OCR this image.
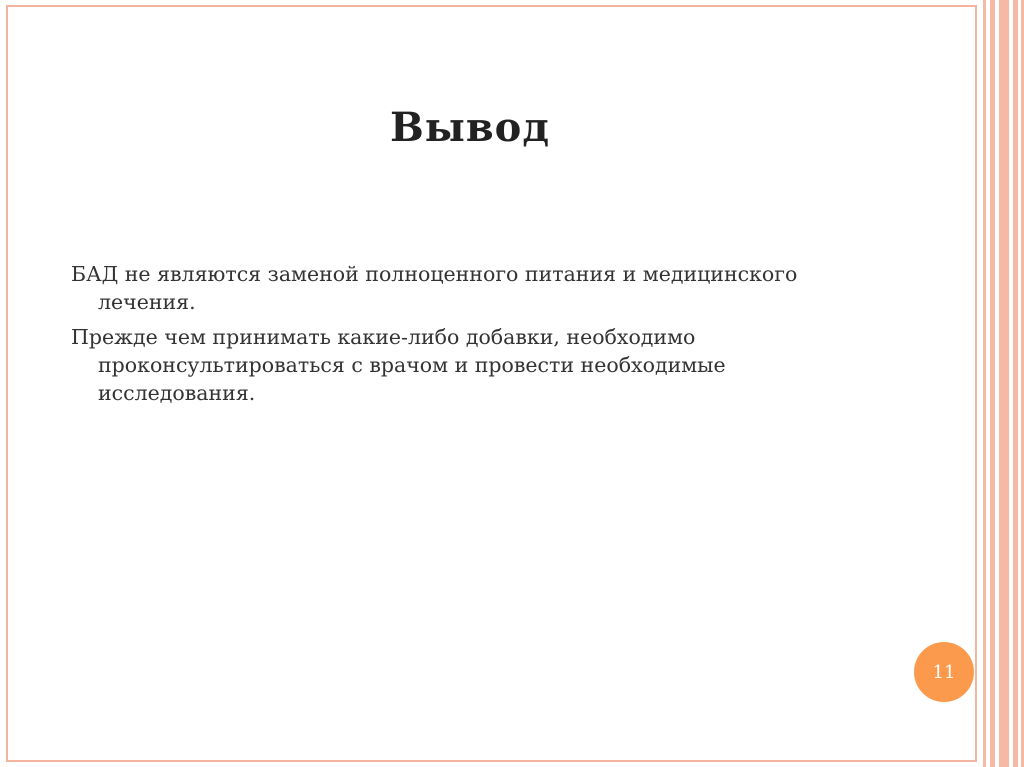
Вывод

БАД не являются заменой полноценного питания и медицинского лечения.

Прежде чем принимать какие-либо добавки, необходимо проконсультироваться с врачом и провести необходимые исследования.

11
